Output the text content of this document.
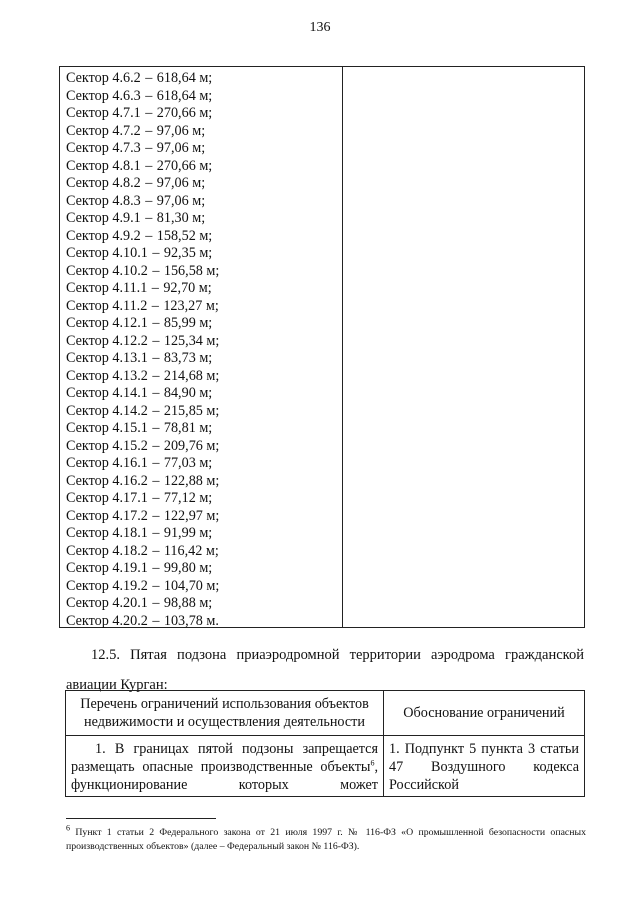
136
Сектор 4.6.2 – 618,64 м;
Сектор 4.6.3 – 618,64 м;
Сектор 4.7.1 – 270,66 м;
Сектор 4.7.2 – 97,06 м;
Сектор 4.7.3 – 97,06 м;
Сектор 4.8.1 – 270,66 м;
Сектор 4.8.2 – 97,06 м;
Сектор 4.8.3 – 97,06 м;
Сектор 4.9.1 – 81,30 м;
Сектор 4.9.2 – 158,52 м;
Сектор 4.10.1 – 92,35 м;
Сектор 4.10.2 – 156,58 м;
Сектор 4.11.1 – 92,70 м;
Сектор 4.11.2 – 123,27 м;
Сектор 4.12.1 – 85,99 м;
Сектор 4.12.2 – 125,34 м;
Сектор 4.13.1 – 83,73 м;
Сектор 4.13.2 – 214,68 м;
Сектор 4.14.1 – 84,90 м;
Сектор 4.14.2 – 215,85 м;
Сектор 4.15.1 – 78,81 м;
Сектор 4.15.2 – 209,76 м;
Сектор 4.16.1 – 77,03 м;
Сектор 4.16.2 – 122,88 м;
Сектор 4.17.1 – 77,12 м;
Сектор 4.17.2 – 122,97 м;
Сектор 4.18.1 – 91,99 м;
Сектор 4.18.2 – 116,42 м;
Сектор 4.19.1 – 99,80 м;
Сектор 4.19.2 – 104,70 м;
Сектор 4.20.1 – 98,88 м;
Сектор 4.20.2 – 103,78 м.

12.5. Пятая подзона приаэродромной территории аэродрома гражданской авиации Курган:

Перечень ограничений использования объектов недвижимости и осуществления деятельности	Обоснование ограничений
1. В границах пятой подзоны запрещается размещать опасные производственные объекты$^6$, функционирование которых может	1. Подпункт 5 пункта 3 статьи 47 Воздушного кодекса Российской

$^6$ Пункт 1 статьи 2 Федерального закона от 21 июля 1997 г. № 116-ФЗ «О промышленной безопасности опасных производственных объектов» (далее – Федеральный закон № 116-ФЗ).
